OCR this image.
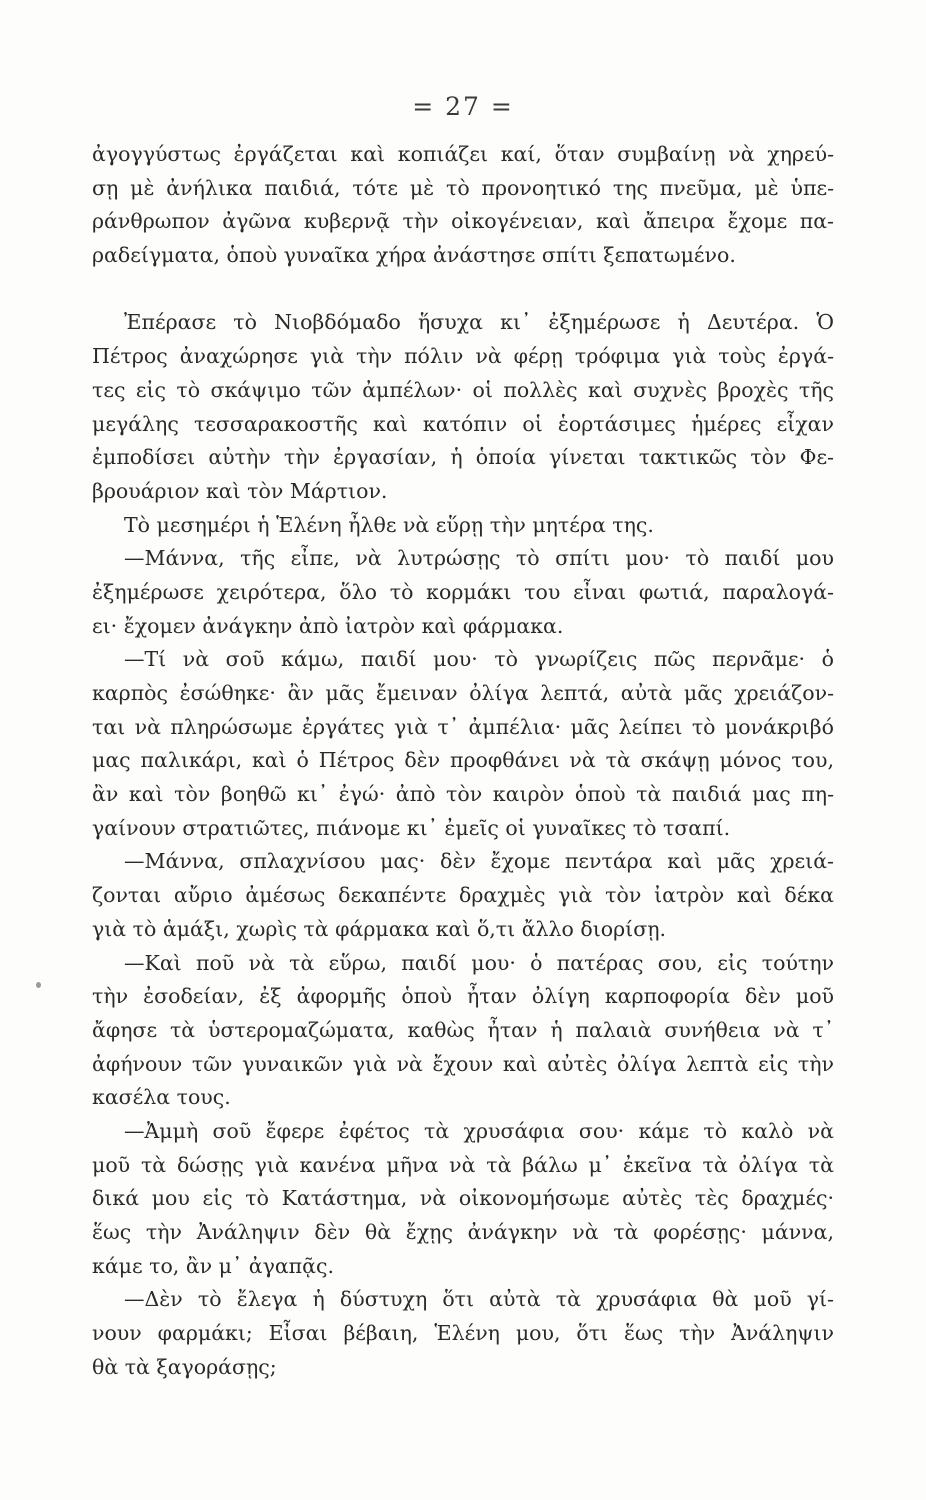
= 27 =
ἀγογγύστως ἐργάζεται καὶ κοπιάζει καί, ὅταν συμβαίνῃ νὰ χηρεύ-
σῃ μὲ ἀνήλικα παιδιά, τότε μὲ τὸ προνοητικό της πνεῦμα, μὲ ὑπε-
ράνθρωπον ἀγῶνα κυβερνᾷ τὴν οἰκογένειαν, καὶ ἄπειρα ἔχομε πα-
ραδείγματα, ὁποὺ γυναῖκα χήρα ἀνάστησε σπίτι ξεπατωμένο.
Ἐπέρασε τὸ Νιοβδόμαδο ἥσυχα κι᾿ ἐξημέρωσε ἡ Δευτέρα. Ὁ
Πέτρος ἀναχώρησε γιὰ τὴν πόλιν νὰ φέρῃ τρόφιμα γιὰ τοὺς ἐργά-
τες εἰς τὸ σκάψιμο τῶν ἀμπέλων· οἱ πολλὲς καὶ συχνὲς βροχὲς τῆς
μεγάλης τεσσαρακοστῆς καὶ κατόπιν οἱ ἑορτάσιμες ἡμέρες εἶχαν
ἐμποδίσει αὐτὴν τὴν ἐργασίαν, ἡ ὁποία γίνεται τακτικῶς τὸν Φε-
βρουάριον καὶ τὸν Μάρτιον.
Τὸ μεσημέρι ἡ Ἑλένη ἦλθε νὰ εὕρῃ τὴν μητέρα της.
—Μάννα, τῆς εἶπε, νὰ λυτρώσῃς τὸ σπίτι μου· τὸ παιδί μου
ἐξημέρωσε χειρότερα, ὅλο τὸ κορμάκι του εἶναι φωτιά, παραλογά-
ει· ἔχομεν ἀνάγκην ἀπὸ ἰατρὸν καὶ φάρμακα.
—Τί νὰ σοῦ κάμω, παιδί μου· τὸ γνωρίζεις πῶς περνᾶμε· ὁ
καρπὸς ἐσώθηκε· ἂν μᾶς ἔμειναν ὀλίγα λεπτά, αὐτὰ μᾶς χρειάζον-
ται νὰ πληρώσωμε ἐργάτες γιὰ τ᾿ ἀμπέλια· μᾶς λείπει τὸ μονάκριβό
μας παλικάρι, καὶ ὁ Πέτρος δὲν προφθάνει νὰ τὰ σκάψῃ μόνος του,
ἂν καὶ τὸν βοηθῶ κι᾿ ἐγώ· ἀπὸ τὸν καιρὸν ὁποὺ τὰ παιδιά μας πη-
γαίνουν στρατιῶτες, πιάνομε κι᾿ ἐμεῖς οἱ γυναῖκες τὸ τσαπί.
—Μάννα, σπλαχνίσου μας· δὲν ἔχομε πεντάρα καὶ μᾶς χρειά-
ζονται αὔριο ἀμέσως δεκαπέντε δραχμὲς γιὰ τὸν ἰατρὸν καὶ δέκα
γιὰ τὸ ἁμάξι, χωρὶς τὰ φάρμακα καὶ ὅ,τι ἄλλο διορίσῃ.
—Καὶ ποῦ νὰ τὰ εὕρω, παιδί μου· ὁ πατέρας σου, εἰς τούτην
τὴν ἐσοδείαν, ἐξ ἀφορμῆς ὁποὺ ἦταν ὀλίγη καρποφορία δὲν μοῦ
ἄφησε τὰ ὑστερομαζώματα, καθὼς ἦταν ἡ παλαιὰ συνήθεια νὰ τ᾿
ἀφήνουν τῶν γυναικῶν γιὰ νὰ ἔχουν καὶ αὐτὲς ὀλίγα λεπτὰ εἰς τὴν
κασέλα τους.
—Ἀμμὴ σοῦ ἔφερε ἐφέτος τὰ χρυσάφια σου· κάμε τὸ καλὸ νὰ
μοῦ τὰ δώσῃς γιὰ κανένα μῆνα νὰ τὰ βάλω μ᾿ ἐκεῖνα τὰ ὀλίγα τὰ
δικά μου εἰς τὸ Κατάστημα, νὰ οἰκονομήσωμε αὐτὲς τὲς δραχμές·
ἕως τὴν Ἀνάληψιν δὲν θὰ ἔχῃς ἀνάγκην νὰ τὰ φορέσῃς· μάννα,
κάμε το, ἂν μ᾿ ἀγαπᾷς.
—Δὲν τὸ ἔλεγα ἡ δύστυχη ὅτι αὐτὰ τὰ χρυσάφια θὰ μοῦ γί-
νουν φαρμάκι; Εἶσαι βέβαιη, Ἑλένη μου, ὅτι ἕως τὴν Ἀνάληψιν
θὰ τὰ ξαγοράσῃς;
